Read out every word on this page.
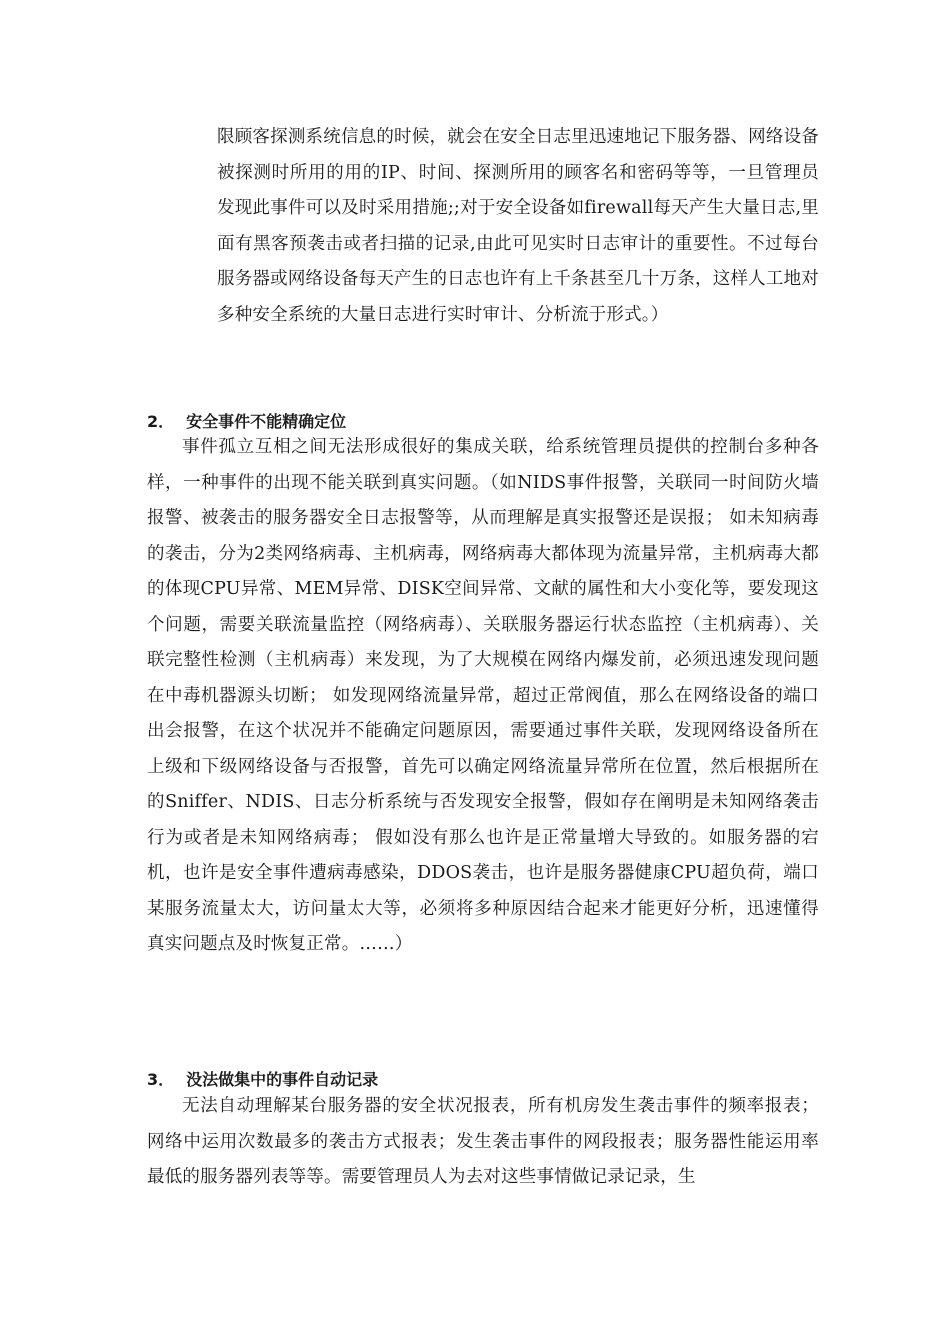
限顾客探测系统信息的时候，就会在安全日志里迅速地记下服务器、网络设备被探测时所用的用的IP、时间、探测所用的顾客名和密码等等，一旦管理员发现此事件可以及时采用措施;;对于安全设备如firewall每天产生大量日志,里面有黑客预袭击或者扫描的记录,由此可见实时日志审计的重要性。不过每台服务器或网络设备每天产生的日志也许有上千条甚至几十万条，这样人工地对多种安全系统的大量日志进行实时审计、分析流于形式。）
2． 安全事件不能精确定位
事件孤立互相之间无法形成很好的集成关联，给系统管理员提供的控制台多种各样，一种事件的出现不能关联到真实问题。（如NIDS事件报警，关联同一时间防火墙报警、被袭击的服务器安全日志报警等，从而理解是真实报警还是误报； 如未知病毒的袭击，分为2类网络病毒、主机病毒，网络病毒大都体现为流量异常，主机病毒大都的体现CPU异常、MEM异常、DISK空间异常、文献的属性和大小变化等，要发现这个问题，需要关联流量监控（网络病毒）、关联服务器运行状态监控（主机病毒）、关联完整性检测（主机病毒）来发现，为了大规模在网络内爆发前，必须迅速发现问题在中毒机器源头切断； 如发现网络流量异常，超过正常阀值，那么在网络设备的端口出会报警，在这个状况并不能确定问题原因，需要通过事件关联，发现网络设备所在上级和下级网络设备与否报警，首先可以确定网络流量异常所在位置，然后根据所在的Sniffer、NDIS、日志分析系统与否发现安全报警，假如存在阐明是未知网络袭击行为或者是未知网络病毒； 假如没有那么也许是正常量增大导致的。如服务器的宕机，也许是安全事件遭病毒感染，DDOS袭击，也许是服务器健康CPU超负荷，端口某服务流量太大，访问量太大等，必须将多种原因结合起来才能更好分析，迅速懂得真实问题点及时恢复正常。……）
3． 没法做集中的事件自动记录
无法自动理解某台服务器的安全状况报表，所有机房发生袭击事件的频率报表；网络中运用次数最多的袭击方式报表；发生袭击事件的网段报表；服务器性能运用率最低的服务器列表等等。需要管理员人为去对这些事情做记录记录，生
